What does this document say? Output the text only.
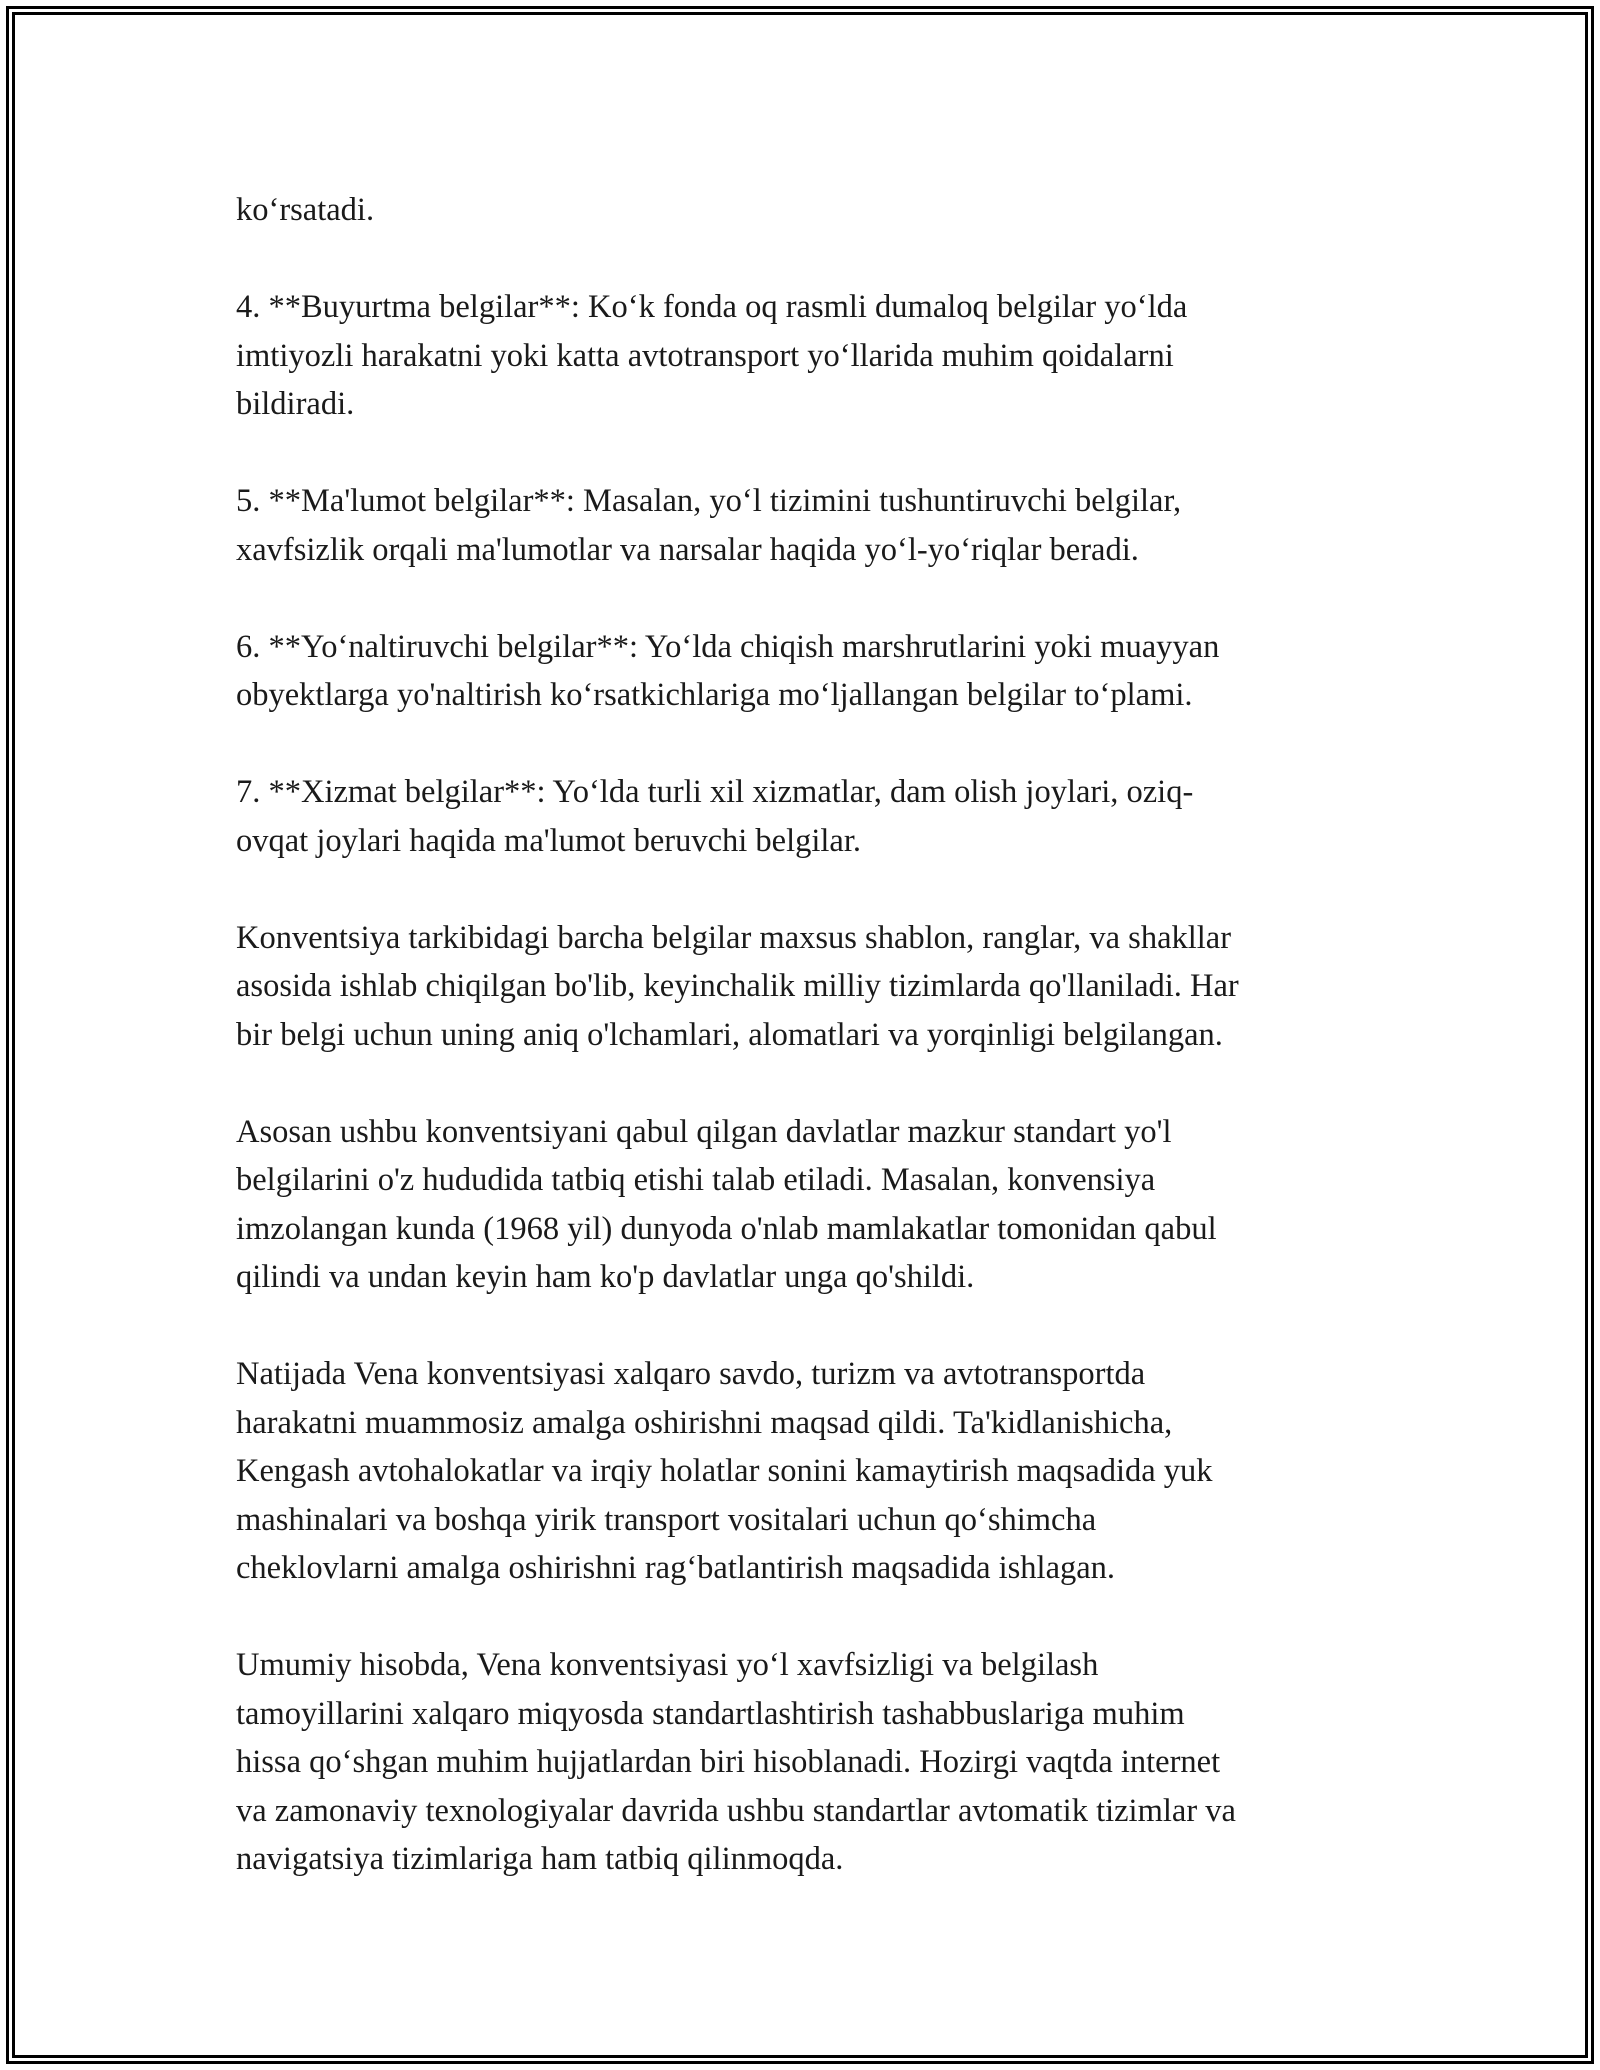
ko‘rsatadi.

4. **Buyurtma belgilar**: Ko‘k fonda oq rasmli dumaloq belgilar yo‘lda
imtiyozli harakatni yoki katta avtotransport yo‘llarida muhim qoidalarni
bildiradi.

5. **Ma'lumot belgilar**: Masalan, yo‘l tizimini tushuntiruvchi belgilar,
xavfsizlik orqali ma'lumotlar va narsalar haqida yo‘l-yo‘riqlar beradi.

6. **Yo‘naltiruvchi belgilar**: Yo‘lda chiqish marshrutlarini yoki muayyan
obyektlarga yo'naltirish ko‘rsatkichlariga mo‘ljallangan belgilar to‘plami.

7. **Xizmat belgilar**: Yo‘lda turli xil xizmatlar, dam olish joylari, oziq-
ovqat joylari haqida ma'lumot beruvchi belgilar.

Konventsiya tarkibidagi barcha belgilar maxsus shablon, ranglar, va shakllar
asosida ishlab chiqilgan bo'lib, keyinchalik milliy tizimlarda qo'llaniladi. Har
bir belgi uchun uning aniq o'lchamlari, alomatlari va yorqinligi belgilangan.

Asosan ushbu konventsiyani qabul qilgan davlatlar mazkur standart yo'l
belgilarini o'z hududida tatbiq etishi talab etiladi. Masalan, konvensiya
imzolangan kunda (1968 yil) dunyoda o'nlab mamlakatlar tomonidan qabul
qilindi va undan keyin ham ko'p davlatlar unga qo'shildi.

Natijada Vena konventsiyasi xalqaro savdo, turizm va avtotransportda
harakatni muammosiz amalga oshirishni maqsad qildi. Ta'kidlanishicha,
Kengash avtohalokatlar va irqiy holatlar sonini kamaytirish maqsadida yuk
mashinalari va boshqa yirik transport vositalari uchun qo‘shimcha
cheklovlarni amalga oshirishni rag‘batlantirish maqsadida ishlagan.

Umumiy hisobda, Vena konventsiyasi yo‘l xavfsizligi va belgilash
tamoyillarini xalqaro miqyosda standartlashtirish tashabbuslariga muhim
hissa qo‘shgan muhim hujjatlardan biri hisoblanadi. Hozirgi vaqtda internet
va zamonaviy texnologiyalar davrida ushbu standartlar avtomatik tizimlar va
navigatsiya tizimlariga ham tatbiq qilinmoqda.
